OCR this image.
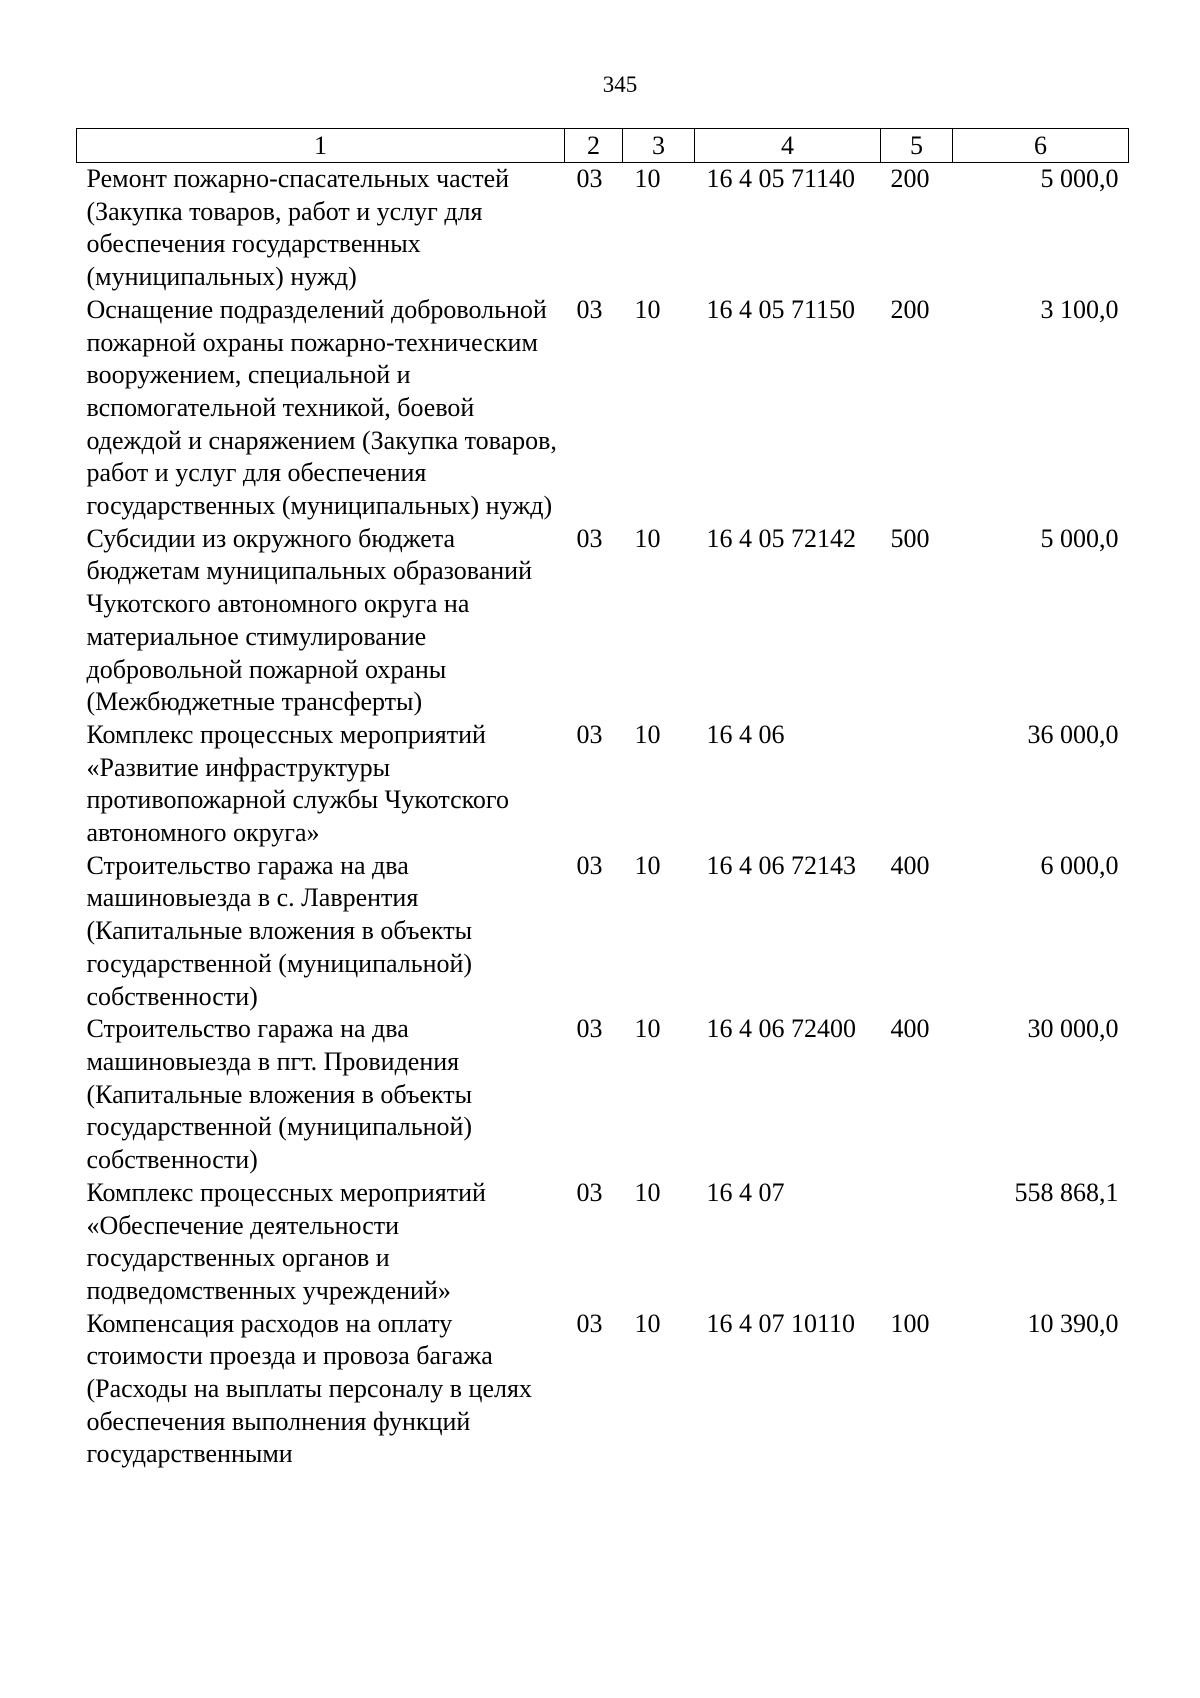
345
1	2	3	4	5	6
Ремонт пожарно-спасательных частей (Закупка товаров, работ и услуг для обеспечения государственных (муниципальных) нужд)	03	10	16 4 05 71140	200	5 000,0
Оснащение подразделений добровольной пожарной охраны пожарно-техническим вооружением, специальной и вспомогательной техникой, боевой одеждой и снаряжением (Закупка товаров, работ и услуг для обеспечения государственных (муниципальных) нужд)	03	10	16 4 05 71150	200	3 100,0
Субсидии из окружного бюджета бюджетам муниципальных образований Чукотского автономного округа на материальное стимулирование добровольной пожарной охраны (Межбюджетные трансферты)	03	10	16 4 05 72142	500	5 000,0
Комплекс процессных мероприятий «Развитие инфраструктуры противопожарной службы Чукотского автономного округа»	03	10	16 4 06		36 000,0
Строительство гаража на два машиновыезда в с. Лаврентия (Капитальные вложения в объекты государственной (муниципальной) собственности)	03	10	16 4 06 72143	400	6 000,0
Строительство гаража на два машиновыезда в пгт. Провидения (Капитальные вложения в объекты государственной (муниципальной) собственности)	03	10	16 4 06 72400	400	30 000,0
Комплекс процессных мероприятий «Обеспечение деятельности государственных органов и подведомственных учреждений»	03	10	16 4 07		558 868,1
Компенсация расходов на оплату стоимости проезда и провоза багажа (Расходы на выплаты персоналу в целях обеспечения выполнения функций государственными	03	10	16 4 07 10110	100	10 390,0
